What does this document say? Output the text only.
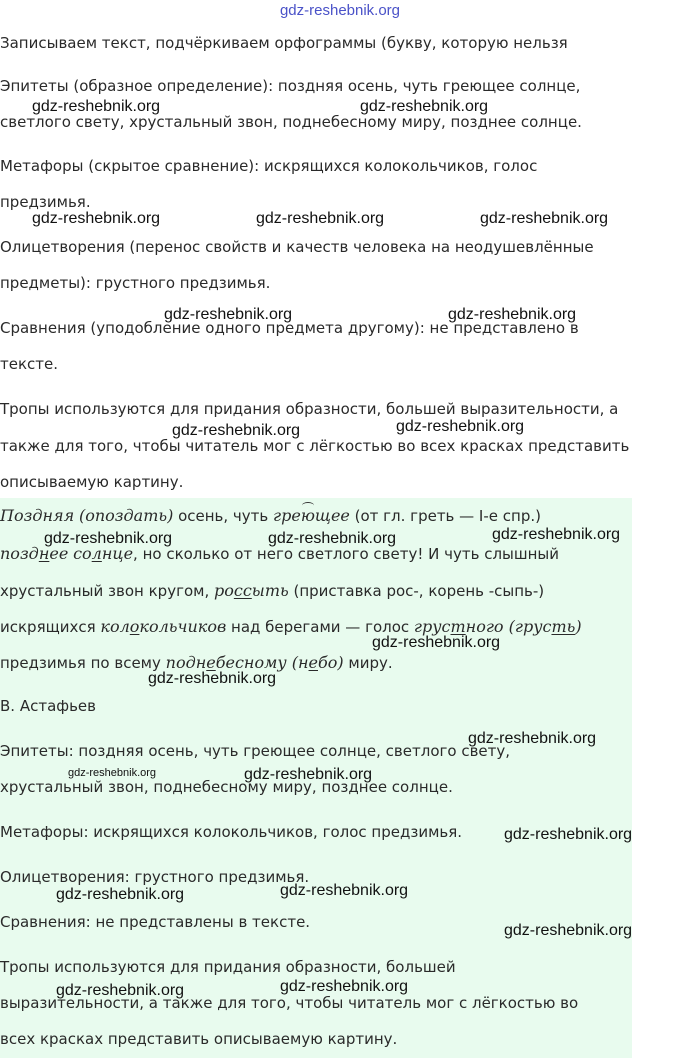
gdz-reshebnik.org
Записываем текст, подчёркиваем орфограммы (букву, которую нельзя
Эпитеты (образное определение): поздняя осень, чуть греющее солнце,
светлого свету, хрустальный звон, поднебесному миру, позднее солнце.
Метафоры (скрытое сравнение): искрящихся колокольчиков, голос
предзимья.
Олицетворения (перенос свойств и качеств человека на неодушевлённые
предметы): грустного предзимья.
Сравнения (уподобление одного предмета другому): не представлено в
тексте.
Тропы используются для придания образности, большей выразительности, а
также для того, чтобы читатель мог с лёгкостью во всех красках представить
описываемую картину.
Поздняя (опоздать) осень, чуть греющее (от гл. греть — I-е спр.)
позднее солнце, но сколько от него светлого свету! И чуть слышный
хрустальный звон кругом, россыть (приставка рос-, корень -сыпь-)
искрящихся колокольчиков над берегами — голос грустного (грусть)
предзимья по всему поднебесному (небо) миру.
В. Астафьев
Эпитеты: поздняя осень, чуть греющее солнце, светлого свету,
хрустальный звон, поднебесному миру, позднее солнце.
Метафоры: искрящихся колокольчиков, голос предзимья.
Олицетворения: грустного предзимья.
Сравнения: не представлены в тексте.
Тропы используются для придания образности, большей
выразительности, а также для того, чтобы читатель мог с лёгкостью во
всех красках представить описываемую картину.
gdz-reshebnik.org	gdz-reshebnik.org
gdz-reshebnik.org	gdz-reshebnik.org	gdz-reshebnik.org
gdz-reshebnik.org	gdz-reshebnik.org
gdz-reshebnik.org	gdz-reshebnik.org
gdz-reshebnik.org
gdz-reshebnik.org	gdz-reshebnik.org
gdz-reshebnik.org
gdz-reshebnik.org
gdz-reshebnik.org
gdz-reshebnik.org	gdz-reshebnik.org
gdz-reshebnik.org
gdz-reshebnik.org	gdz-reshebnik.org
gdz-reshebnik.org
gdz-reshebnik.org	gdz-reshebnik.org
